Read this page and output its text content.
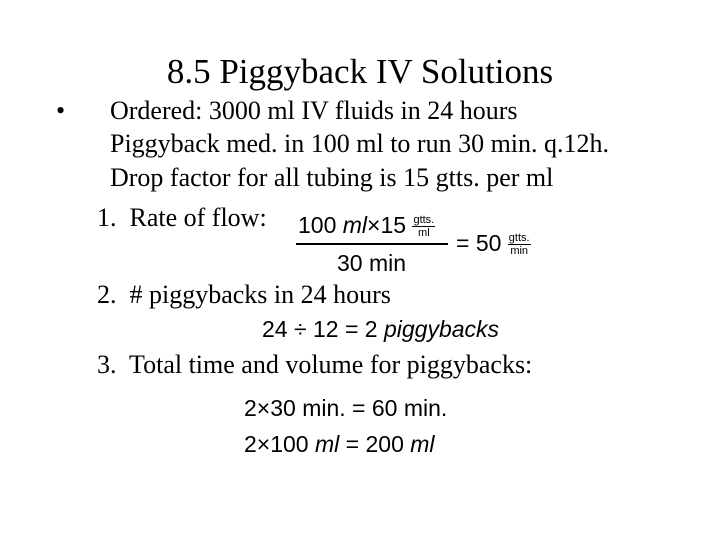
8.5 Piggyback IV Solutions
• Ordered: 3000 ml IV fluids in 24 hours
Piggyback med. in 100 ml to run 30 min. q.12h.
Drop factor for all tubing is 15 gtts. per ml
1. Rate of flow: 100 $ml\times 15 \frac{\text{gtts.}}{ml}$
30 min
= $50 \frac{\text{gtts.}}{\min}$
2. # piggybacks in 24 hours
24 ÷ 12 = 2 piggybacks
3. Total time and volume for piggybacks:
2×30 min. = 60 min.
2×100 ml = 200 ml
